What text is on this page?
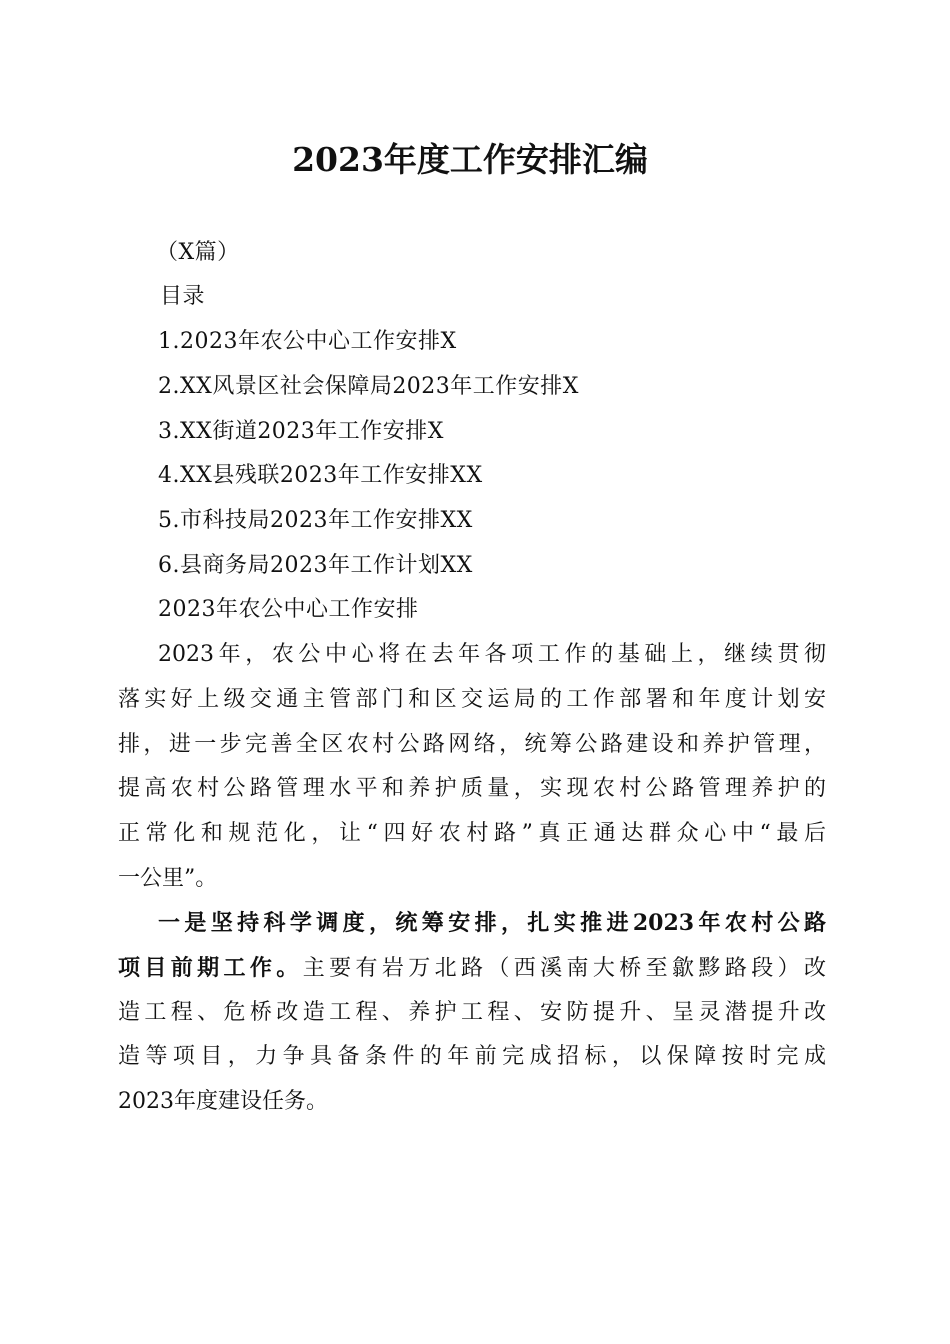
2023年度工作安排汇编
（X篇）
目录
1.2023年农公中心工作安排X
2.XX风景区社会保障局2023年工作安排X
3.XX街道2023年工作安排X
4.XX县残联2023年工作安排XX
5.市科技局2023年工作安排XX
6.县商务局2023年工作计划XX
2023年农公中心工作安排
2023年，农公中心将在去年各项工作的基础上，继续贯彻
落实好上级交通主管部门和区交运局的工作部署和年度计划安
排，进一步完善全区农村公路网络，统筹公路建设和养护管理，
提高农村公路管理水平和养护质量，实现农村公路管理养护的
正常化和规范化，让“四好农村路”真正通达群众心中“最后
一公里”。
一是坚持科学调度，统筹安排，扎实推进2023年农村公路
项目前期工作。主要有岩万北路（西溪南大桥至歙黟路段）改
造工程、危桥改造工程、养护工程、安防提升、呈灵潜提升改
造等项目，力争具备条件的年前完成招标，以保障按时完成
2023年度建设任务。
